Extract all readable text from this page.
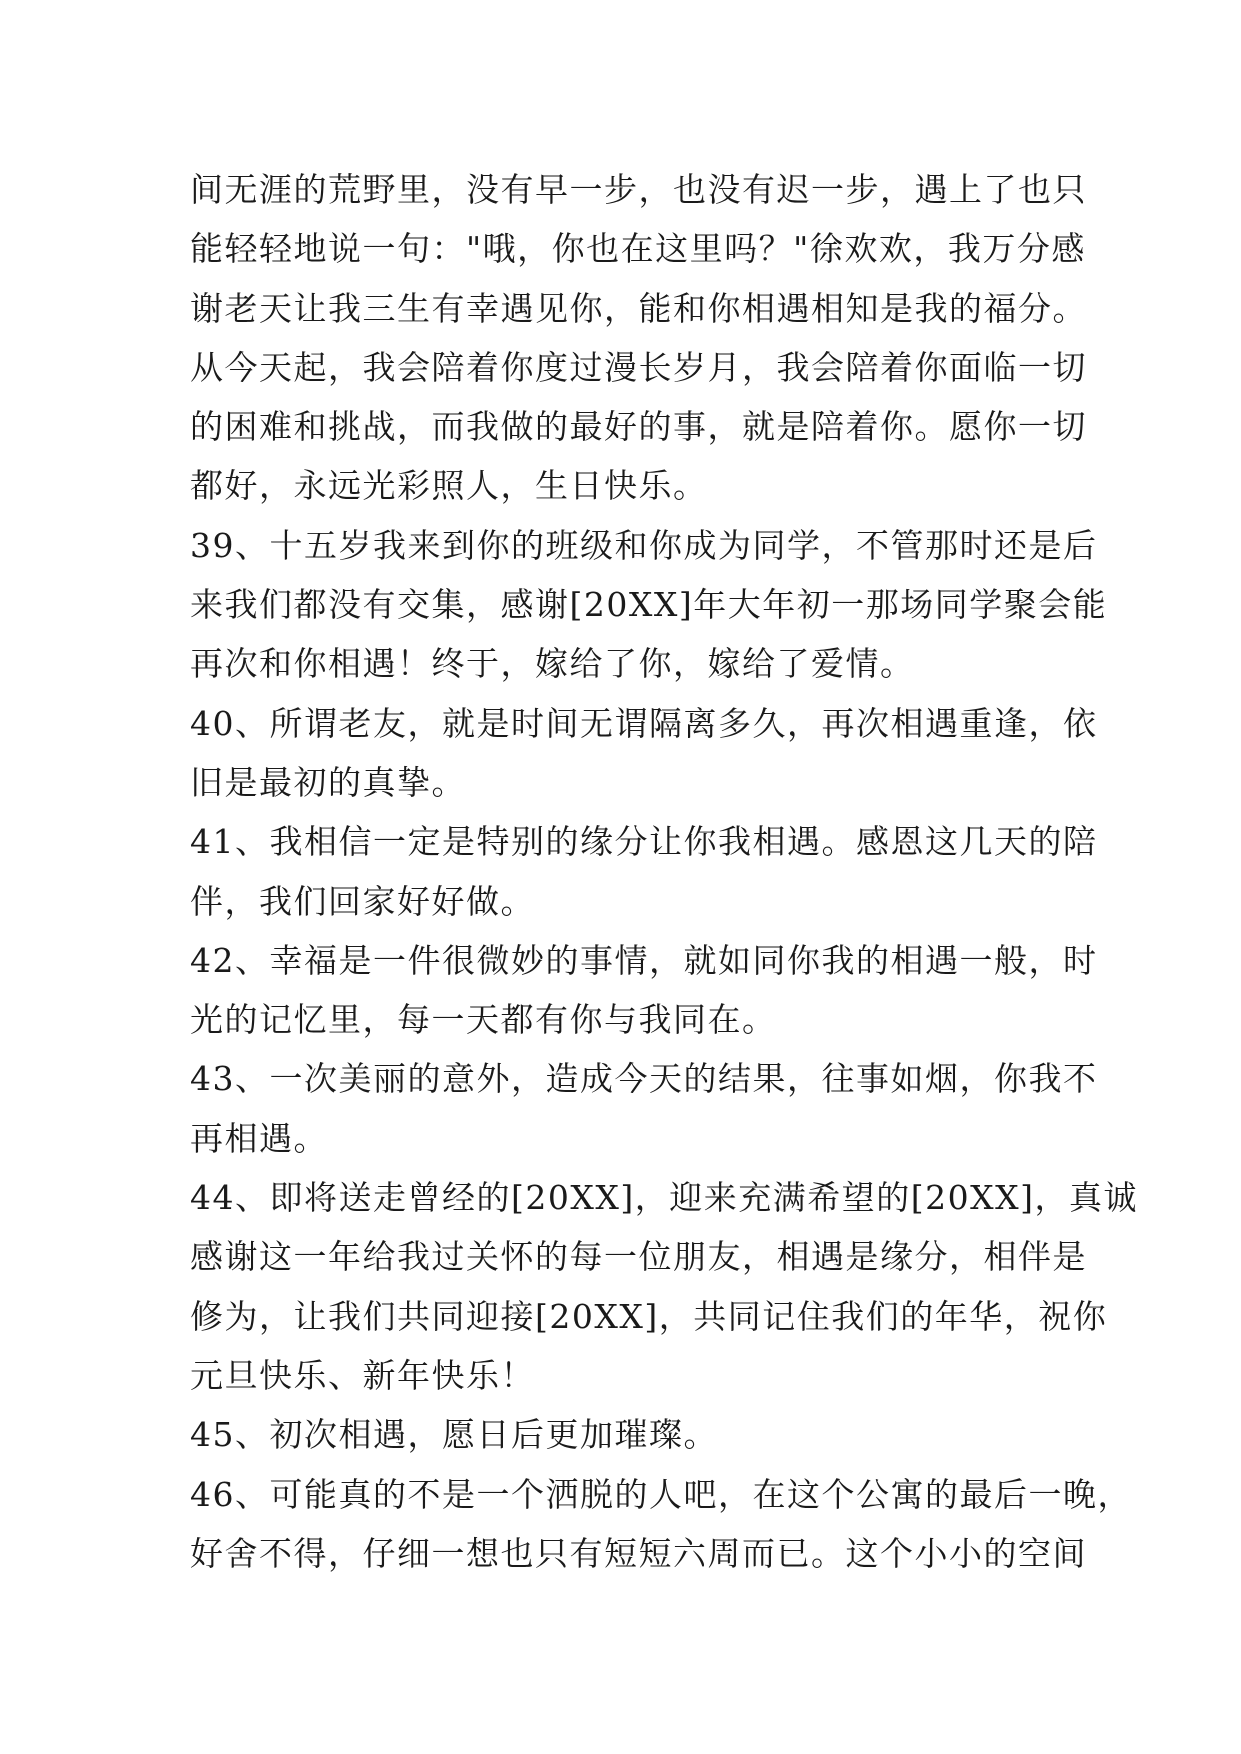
间无涯的荒野里，没有早一步，也没有迟一步，遇上了也只
能轻轻地说一句："哦，你也在这里吗？"徐欢欢，我万分感
谢老天让我三生有幸遇见你，能和你相遇相知是我的福分。
从今天起，我会陪着你度过漫长岁月，我会陪着你面临一切
的困难和挑战，而我做的最好的事，就是陪着你。愿你一切
都好，永远光彩照人，生日快乐。
39、十五岁我来到你的班级和你成为同学，不管那时还是后
来我们都没有交集，感谢[20XX]年大年初一那场同学聚会能
再次和你相遇！终于，嫁给了你，嫁给了爱情。
40、所谓老友，就是时间无谓隔离多久，再次相遇重逢，依
旧是最初的真挚。
41、我相信一定是特别的缘分让你我相遇。感恩这几天的陪
伴，我们回家好好做。
42、幸福是一件很微妙的事情，就如同你我的相遇一般，时
光的记忆里，每一天都有你与我同在。
43、一次美丽的意外，造成今天的结果，往事如烟，你我不
再相遇。
44、即将送走曾经的[20XX]，迎来充满希望的[20XX]，真诚
感谢这一年给我过关怀的每一位朋友，相遇是缘分，相伴是
修为，让我们共同迎接[20XX]，共同记住我们的年华，祝你
元旦快乐、新年快乐！
45、初次相遇，愿日后更加璀璨。
46、可能真的不是一个洒脱的人吧，在这个公寓的最后一晚，
好舍不得，仔细一想也只有短短六周而已。这个小小的空间
